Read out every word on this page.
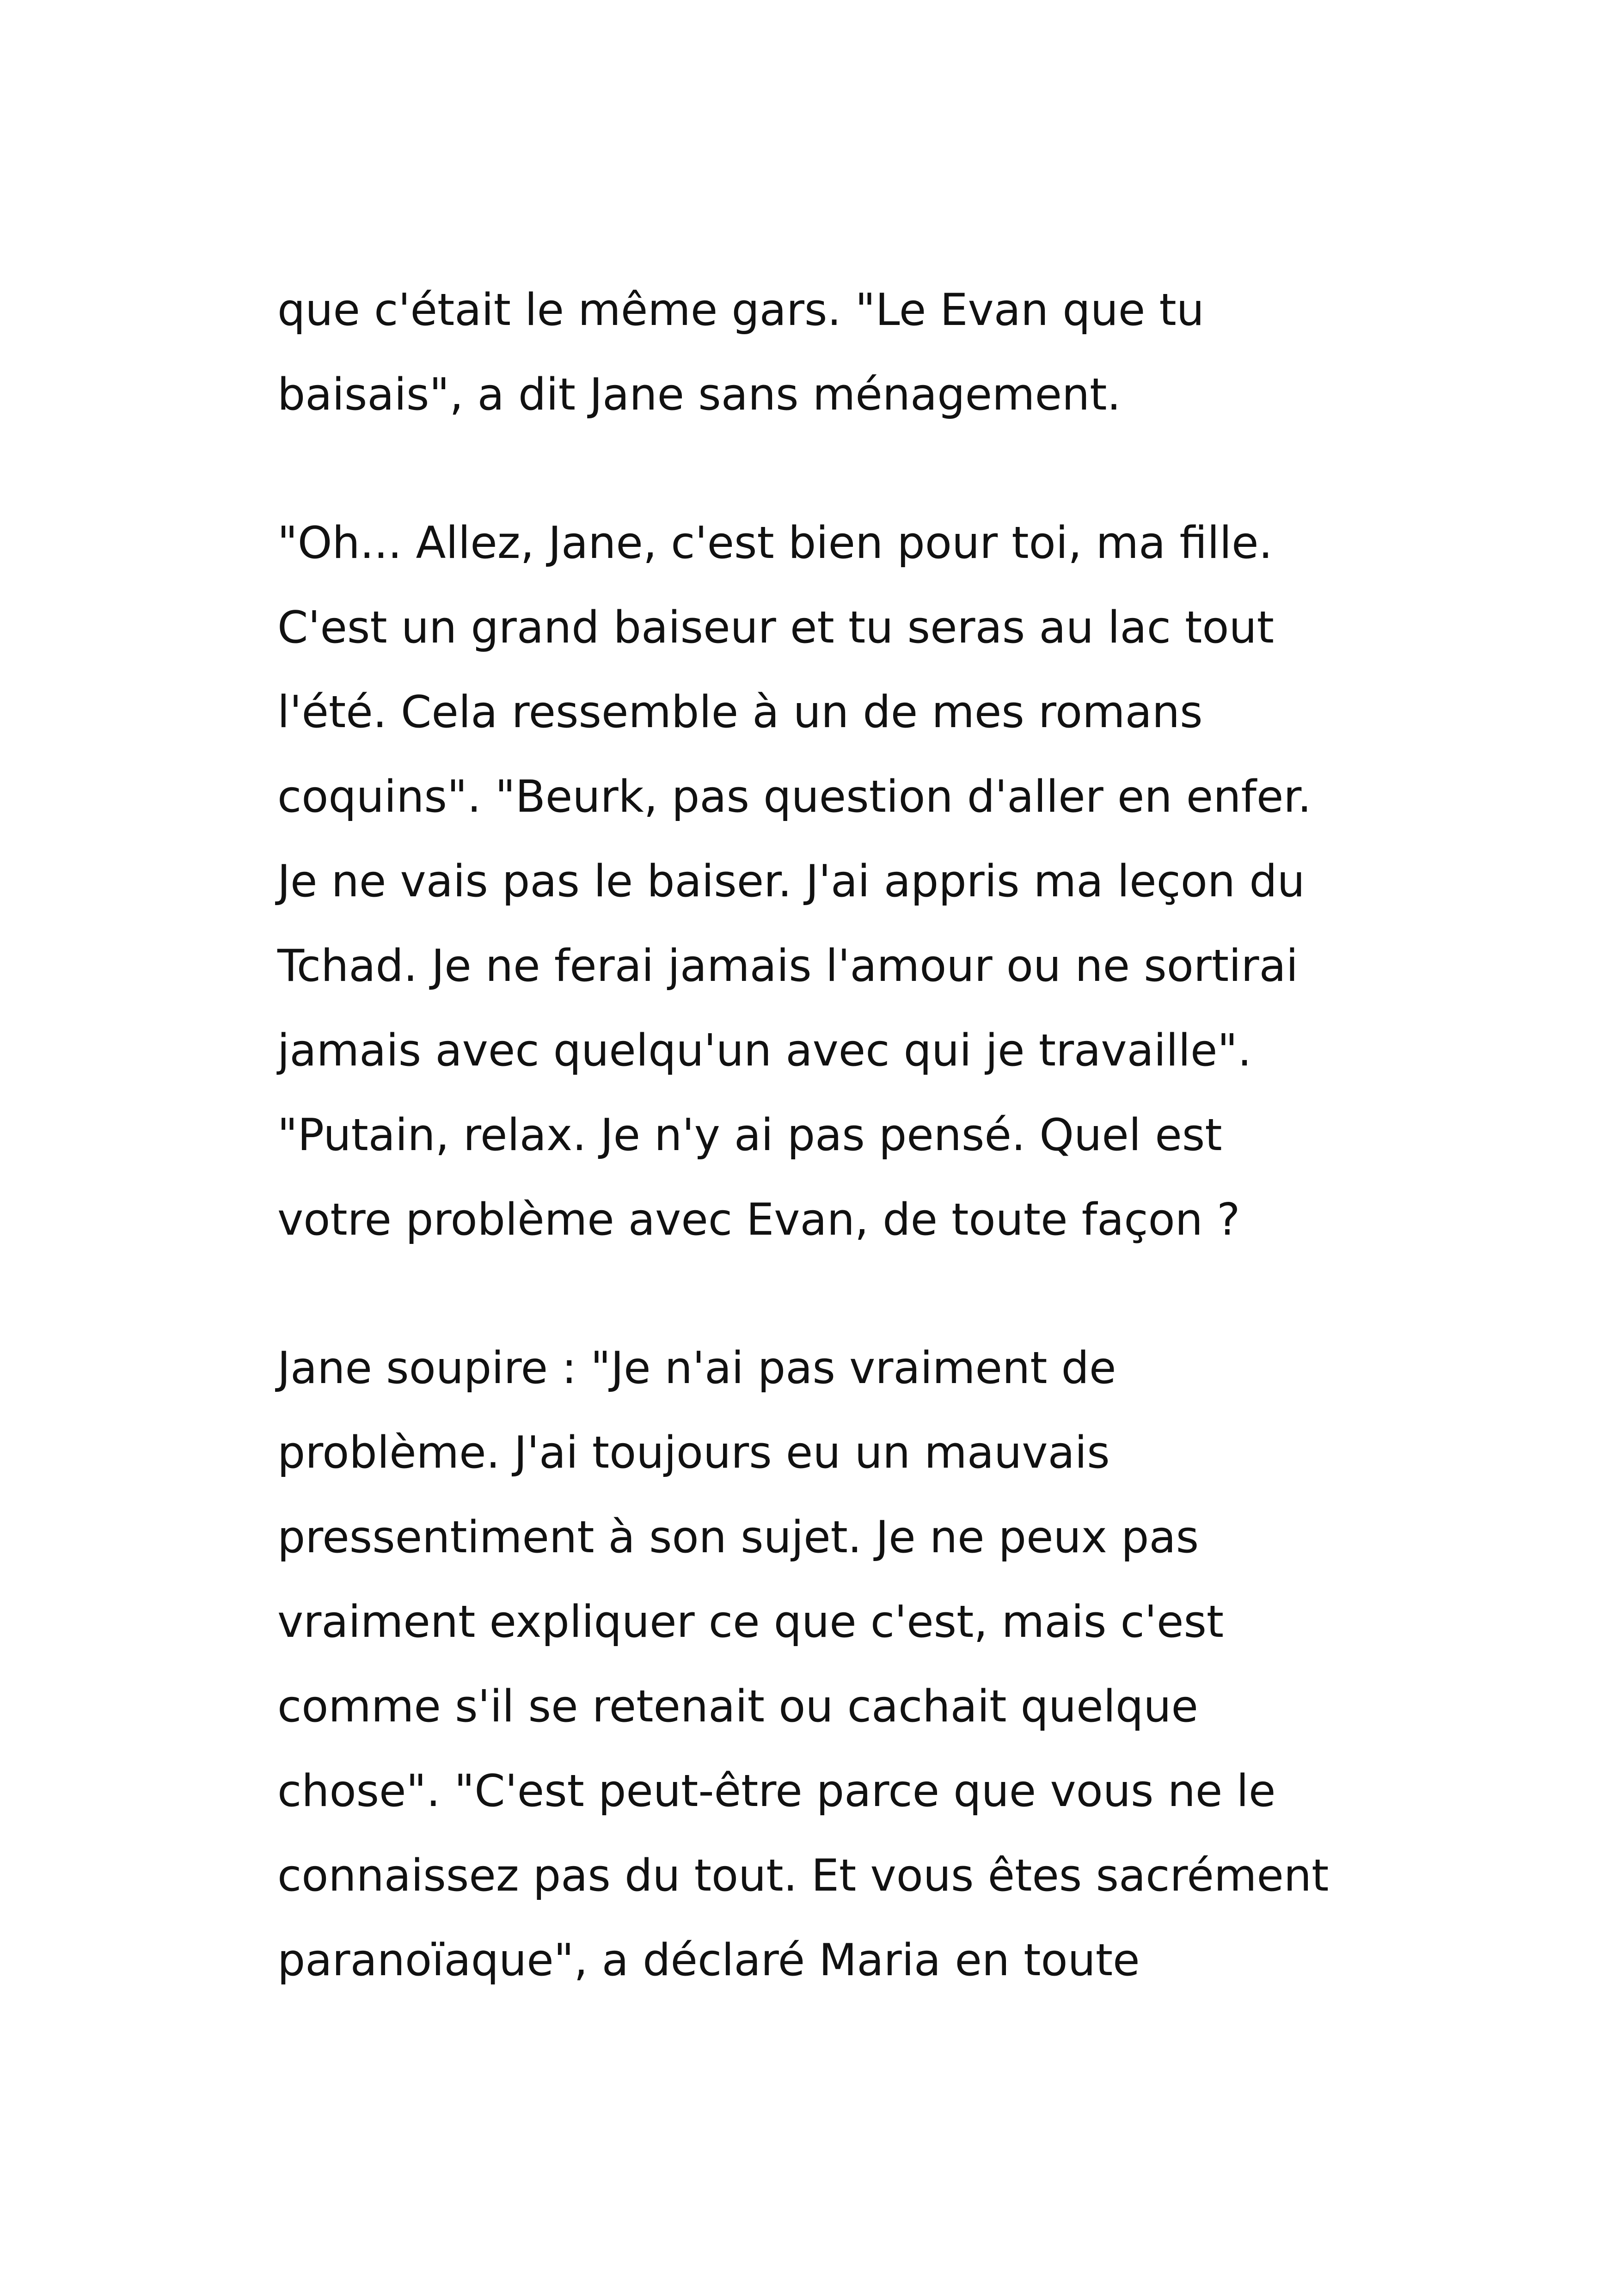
que c'était le même gars. "Le Evan que tu
baisais", a dit Jane sans ménagement.

"Oh... Allez, Jane, c'est bien pour toi, ma fille.
C'est un grand baiseur et tu seras au lac tout
l'été. Cela ressemble à un de mes romans
coquins". "Beurk, pas question d'aller en enfer.
Je ne vais pas le baiser. J'ai appris ma leçon du
Tchad. Je ne ferai jamais l'amour ou ne sortirai
jamais avec quelqu'un avec qui je travaille".
"Putain, relax. Je n'y ai pas pensé. Quel est
votre problème avec Evan, de toute façon ?

Jane soupire : "Je n'ai pas vraiment de
problème. J'ai toujours eu un mauvais
pressentiment à son sujet. Je ne peux pas
vraiment expliquer ce que c'est, mais c'est
comme s'il se retenait ou cachait quelque
chose". "C'est peut-être parce que vous ne le
connaissez pas du tout. Et vous êtes sacrément
paranoïaque", a déclaré Maria en toute
